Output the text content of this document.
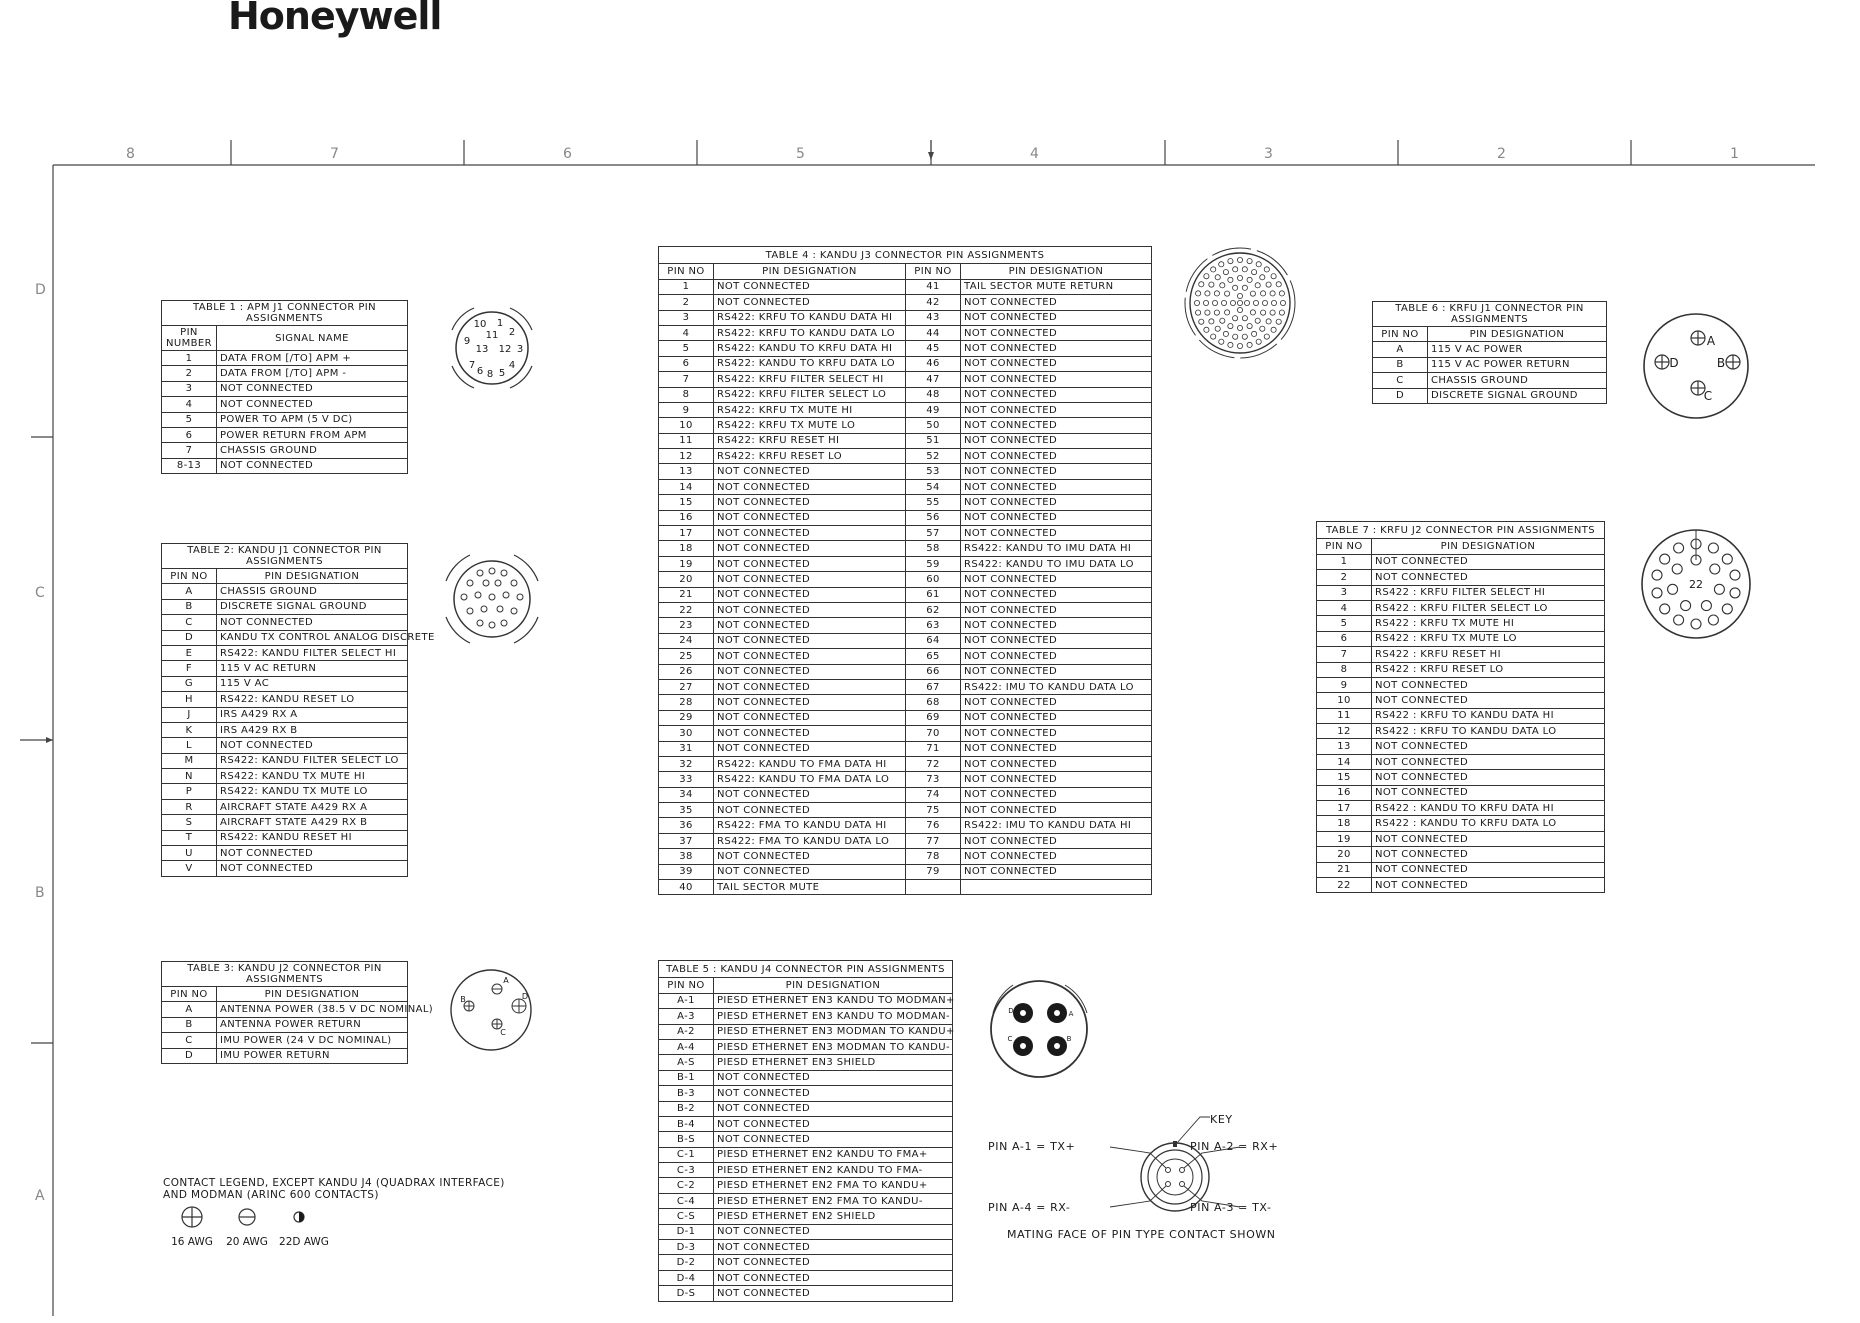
Honeywell
8	7	6	5	4	3	2	1
D
C
B
A
TABLE 1 : APM J1 CONNECTOR PIN ASSIGNMENTS	
PIN NUMBER	SIGNAL NAME
1	DATA FROM [/TO] APM +
2	DATA FROM [/TO] APM -
3	NOT CONNECTED
4	NOT CONNECTED
5	POWER TO APM (5 V DC)
6	POWER RETURN FROM APM
7	CHASSIS GROUND
8-13	NOT CONNECTED
TABLE 2: KANDU J1 CONNECTOR PIN ASSIGNMENTS	
PIN NO	PIN DESIGNATION
A	CHASSIS GROUND
B	DISCRETE SIGNAL GROUND
C	NOT CONNECTED
D	KANDU TX CONTROL ANALOG DISCRETE
E	RS422: KANDU FILTER SELECT HI
F	115 V AC RETURN
G	115 V AC
H	RS422: KANDU RESET LO
J	IRS A429 RX A
K	IRS A429 RX B
L	NOT CONNECTED
M	RS422: KANDU FILTER SELECT LO
N	RS422: KANDU TX MUTE HI
P	RS422: KANDU TX MUTE LO
R	AIRCRAFT STATE A429 RX A
S	AIRCRAFT STATE A429 RX B
T	RS422: KANDU RESET HI
U	NOT CONNECTED
V	NOT CONNECTED
TABLE 3: KANDU J2 CONNECTOR PIN ASSIGNMENTS	
PIN NO	PIN DESIGNATION
A	ANTENNA POWER (38.5 V DC NOMINAL)
B	ANTENNA POWER RETURN
C	IMU POWER (24 V DC NOMINAL)
D	IMU POWER RETURN
TABLE 4 : KANDU J3 CONNECTOR PIN ASSIGNMENTS			
PIN NO	PIN DESIGNATION	PIN NO	PIN DESIGNATION
1	NOT CONNECTED	41	TAIL SECTOR MUTE RETURN
2	NOT CONNECTED	42	NOT CONNECTED
3	RS422: KRFU TO KANDU DATA HI	43	NOT CONNECTED
4	RS422: KRFU TO KANDU DATA LO	44	NOT CONNECTED
5	RS422: KANDU TO KRFU DATA HI	45	NOT CONNECTED
6	RS422: KANDU TO KRFU DATA LO	46	NOT CONNECTED
7	RS422: KRFU FILTER SELECT HI	47	NOT CONNECTED
8	RS422: KRFU FILTER SELECT LO	48	NOT CONNECTED
9	RS422: KRFU TX MUTE HI	49	NOT CONNECTED
10	RS422: KRFU TX MUTE LO	50	NOT CONNECTED
11	RS422: KRFU RESET HI	51	NOT CONNECTED
12	RS422: KRFU RESET LO	52	NOT CONNECTED
13	NOT CONNECTED	53	NOT CONNECTED
14	NOT CONNECTED	54	NOT CONNECTED
15	NOT CONNECTED	55	NOT CONNECTED
16	NOT CONNECTED	56	NOT CONNECTED
17	NOT CONNECTED	57	NOT CONNECTED
18	NOT CONNECTED	58	RS422: KANDU TO IMU DATA HI
19	NOT CONNECTED	59	RS422: KANDU TO IMU DATA LO
20	NOT CONNECTED	60	NOT CONNECTED
21	NOT CONNECTED	61	NOT CONNECTED
22	NOT CONNECTED	62	NOT CONNECTED
23	NOT CONNECTED	63	NOT CONNECTED
24	NOT CONNECTED	64	NOT CONNECTED
25	NOT CONNECTED	65	NOT CONNECTED
26	NOT CONNECTED	66	NOT CONNECTED
27	NOT CONNECTED	67	RS422: IMU TO KANDU DATA LO
28	NOT CONNECTED	68	NOT CONNECTED
29	NOT CONNECTED	69	NOT CONNECTED
30	NOT CONNECTED	70	NOT CONNECTED
31	NOT CONNECTED	71	NOT CONNECTED
32	RS422: KANDU TO FMA DATA HI	72	NOT CONNECTED
33	RS422: KANDU TO FMA DATA LO	73	NOT CONNECTED
34	NOT CONNECTED	74	NOT CONNECTED
35	NOT CONNECTED	75	NOT CONNECTED
36	RS422: FMA TO KANDU DATA HI	76	RS422: IMU TO KANDU DATA HI
37	RS422: FMA TO KANDU DATA LO	77	NOT CONNECTED
38	NOT CONNECTED	78	NOT CONNECTED
39	NOT CONNECTED	79	NOT CONNECTED
40	TAIL SECTOR MUTE		
TABLE 5 : KANDU J4 CONNECTOR PIN ASSIGNMENTS	
PIN NO	PIN DESIGNATION
A-1	PIESD ETHERNET EN3 KANDU TO MODMAN+
A-3	PIESD ETHERNET EN3 KANDU TO MODMAN-
A-2	PIESD ETHERNET EN3 MODMAN TO KANDU+
A-4	PIESD ETHERNET EN3 MODMAN TO KANDU-
A-S	PIESD ETHERNET EN3 SHIELD
B-1	NOT CONNECTED
B-3	NOT CONNECTED
B-2	NOT CONNECTED
B-4	NOT CONNECTED
B-S	NOT CONNECTED
C-1	PIESD ETHERNET EN2 KANDU TO FMA+
C-3	PIESD ETHERNET EN2 KANDU TO FMA-
C-2	PIESD ETHERNET EN2 FMA TO KANDU+
C-4	PIESD ETHERNET EN2 FMA TO KANDU-
C-S	PIESD ETHERNET EN2 SHIELD
D-1	NOT CONNECTED
D-3	NOT CONNECTED
D-2	NOT CONNECTED
D-4	NOT CONNECTED
D-S	NOT CONNECTED
TABLE 6 : KRFU J1 CONNECTOR PIN ASSIGNMENTS	
PIN NO	PIN DESIGNATION
A	115 V AC POWER
B	115 V AC POWER RETURN
C	CHASSIS GROUND
D	DISCRETE SIGNAL GROUND
TABLE 7 : KRFU J2 CONNECTOR PIN ASSIGNMENTS	
PIN NO	PIN DESIGNATION
1	NOT CONNECTED
2	NOT CONNECTED
3	RS422 : KRFU FILTER SELECT HI
4	RS422 : KRFU FILTER SELECT LO
5	RS422 : KRFU TX MUTE HI
6	RS422 : KRFU TX MUTE LO
7	RS422 : KRFU RESET HI
8	RS422 : KRFU RESET LO
9	NOT CONNECTED
10	NOT CONNECTED
11	RS422 : KRFU TO KANDU DATA HI
12	RS422 : KRFU TO KANDU DATA LO
13	NOT CONNECTED
14	NOT CONNECTED
15	NOT CONNECTED
16	NOT CONNECTED
17	RS422 : KANDU TO KRFU DATA HI
18	RS422 : KANDU TO KRFU DATA LO
19	NOT CONNECTED
20	NOT CONNECTED
21	NOT CONNECTED
22	NOT CONNECTED
10 1
11 2
9
13 12 3
8
4
7
6 5
A
B
C
D
D	A
C	B
A
D	B
C
22
CONTACT LEGEND, EXCEPT KANDU J4 (QUADRAX INTERFACE) AND MODMAN (ARINC 600 CONTACTS)
16 AWG	20 AWG	22D AWG
KEY
PIN A-1 = TX+	PIN A-2 = RX+
PIN A-4 = RX-	PIN A-3 = TX-
MATING FACE OF PIN TYPE CONTACT SHOWN
